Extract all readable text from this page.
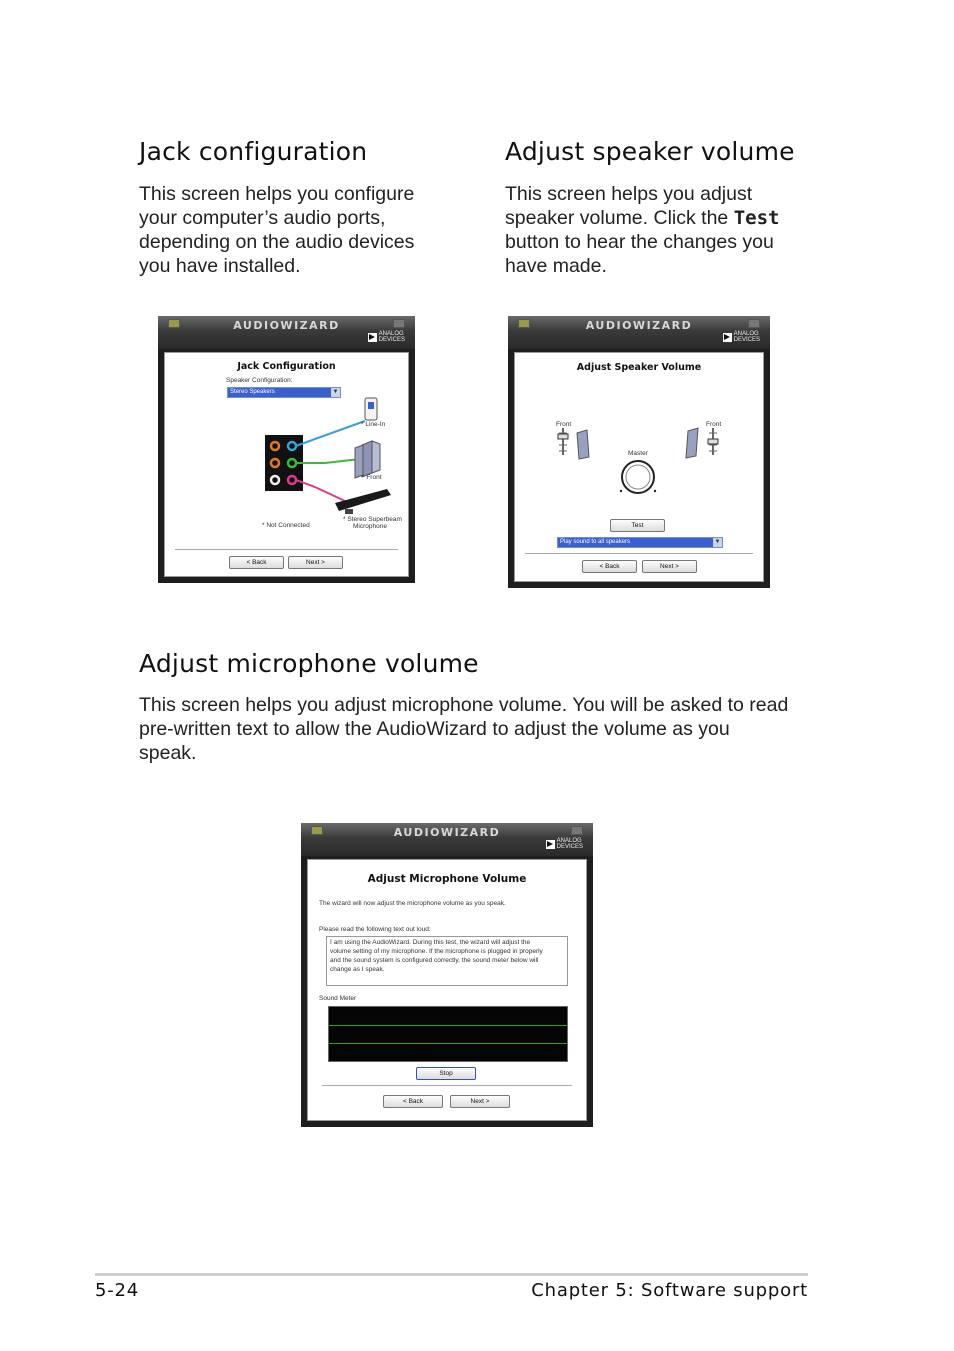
Jack configuration

This screen helps you configure
your computer’s audio ports,
depending on the audio devices
you have installed.

Adjust speaker volume

This screen helps you adjust
speaker volume. Click the Test
button to hear the changes you
have made.

AUDIOWIZARD
ANALOG
DEVICES
Jack Configuration
Speaker Configuration:
Stereo Speakers	▼
* Line-In
* Front
* Stereo Superbeam
Microphone
* Not Connected
< Back	Next >
AUDIOWIZARD
ANALOG
DEVICES
Adjust Speaker Volume
Front	Front
Master
Test
Play sound to all speakers	▼
< Back	Next >
Adjust microphone volume

This screen helps you adjust microphone volume. You will be asked to read
pre-written text to allow the AudioWizard to adjust the volume as you
speak.

AUDIOWIZARD
ANALOG
DEVICES
Adjust Microphone Volume
The wizard will now adjust the microphone volume as you speak.
Please read the following text out loud:
I am using the AudioWizard. During this test, the wizard will adjust the
volume setting of my microphone. If the microphone is plugged in properly
and the sound system is configured correctly, the sound meter below will
change as I speak.
Sound Meter
Stop
< Back	Next >
5-24	Chapter 5: Software support
